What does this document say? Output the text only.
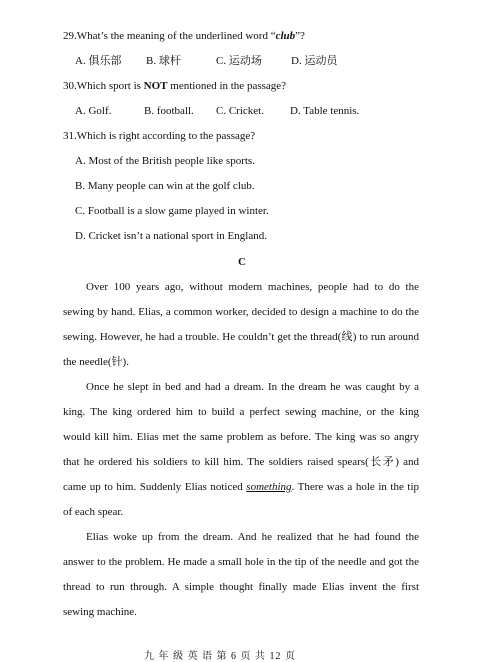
29.What’s the meaning of the underlined word “club”?
A. 俱乐部 B. 球杆	C. 运动场	D. 运动员
30.Which sport is NOT mentioned in the passage?
A. Golf.	B. football. C. Cricket. D. Table tennis.
31.Which is right according to the passage?
A. Most of the British people like sports.
B. Many people can win at the golf club.
C. Football is a slow game played in winter.
D. Cricket isn’t a national sport in England.
C
Over 100 years ago, without modern machines, people had to do the
sewing by hand. Elias, a common worker, decided to design a machine to do the
sewing. However, he had a trouble. He couldn’t get the thread(线) to run around
the needle(针).
Once he slept in bed and had a dream. In the dream he was caught by a
king. The king ordered him to build a perfect sewing machine, or the king
would kill him. Elias met the same problem as before. The king was so angry
that he ordered his soldiers to kill him. The soldiers raised spears(长矛) and
came up to him. Suddenly Elias noticed something. There was a hole in the tip
of each spear.
Elias woke up from the dream. And he realized that he had found the
answer to the problem. He made a small hole in the tip of the needle and got the
thread to run through. A simple thought finally made Elias invent the first
sewing machine.
九 年 级 英 语 第 6 页 共 12 页
